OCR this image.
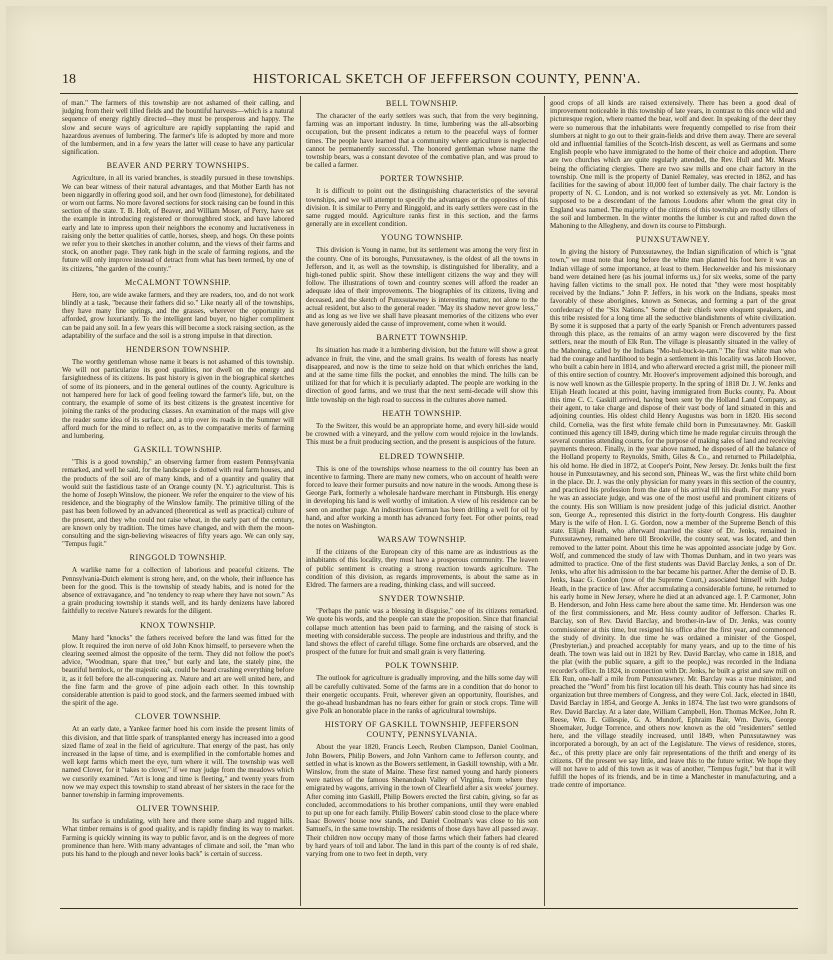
18	HISTORICAL SKETCH OF JEFFERSON COUNTY, PENN'A.

of man." The farmers of this township are not ashamed of their calling, and judging from their well tilled fields and the bountiful harvests—which is a natural sequence of energy rightly directed—they must be prosperous and happy. The slow and secure ways of agriculture are rapidly supplanting the rapid and hazardous avenues of lumbering. The farmer's life is adopted by more and more of the lumbermen, and in a few years the latter will cease to have any particular signification.

BEAVER AND PERRY TOWNSHIPS.

Agriculture, in all its varied branches, is steadily pursued in these townships. We can bear witness of their natural advantages, and that Mother Earth has not been niggardly in offering good soil, and her own food (limestone), for debilitated or worn out farms. No more favored sections for stock raising can be found in this section of the state. T. B. Holt, of Beaver, and William Moser, of Perry, have set the example in introducing registered or thoroughbred stock, and have labored early and late to impress upon their neighbors the economy and lucrativeness in raising only the better qualities of cattle, horses, sheep, and hogs. On these points we refer you to their sketches in another column, and the views of their farms and stock, on another page. They rank high in the scale of farming regions, and the future will only improve instead of detract from what has been termed, by one of its citizens, "the garden of the county."

McCALMONT TOWNSHIP.

Here, too, are wide awake farmers, and they are readers, too, and do not work blindly at a task, "because their fathers did so." Like nearly all of the townships, they have many fine springs, and the grasses, wherever the opportunity is afforded, grow luxuriantly. To the intelligent land buyer, no higher compliment can be paid any soil. In a few years this will become a stock raising section, as the adaptability of the surface and the soil is a strong impulse in that direction.

HENDERSON TOWNSHIP.

The worthy gentleman whose name it bears is not ashamed of this township. We will not particularize its good qualities, nor dwell on the energy and farsightedness of its citizens. Its past history is given in the biographical sketches of some of its pioneers, and in the general outlines of the county. Agriculture is not hampered here for lack of good feeling toward the farmer's life, but, on the contrary, the example of some of its best citizens is the greatest incentive for joining the ranks of the producing classes. An examination of the maps will give the reader some idea of its surface, and a trip over its roads in the Summer will afford much for the mind to reflect on, as to the comparative merits of farming and lumbering.

GASKILL TOWNSHIP.

"This is a good township," an observing farmer from eastern Pennsylvania remarked, and well he said, for the landscape is dotted with real farm houses, and the products of the soil are of many kinds, and of a quantity and quality that would suit the fastidious taste of an Orange county (N. Y.) agriculturist. This is the home of Joseph Winslow, the pioneer. We refer the enquirer to the view of his residence, and the biography of the Winslow family. The primitive tilling of the past has been followed by an advanced (theoretical as well as practical) culture of the present, and they who could not raise wheat, in the early part of the century, are known only by tradition. The times have changed, and with them the moon-consulting and the sign-believing wiseacres of fifty years ago. We can only say, "Tempus fugit."

RINGGOLD TOWNSHIP.

A warlike name for a collection of laborious and peaceful citizens. The Pennsylvania-Dutch element is strong here, and, on the whole, their influence has been for the good. This is the township of steady habits, and is noted for the absence of extravagance, and "no tendency to reap where they have not sown." As a grain producing township it stands well, and its hardy denizens have labored faithfully to receive Nature's rewards for the diligent.

KNOX TOWNSHIP.

Many hard "knocks" the fathers received before the land was fitted for the plow. It required the iron nerve of old John Knox himself, to persevere when the clearing seemed almost the opposite of the term. They did not follow the poet's advice, "Woodman, spare that tree," but early and late, the stately pine, the beautiful hemlock, or the majestic oak, could be heard crashing everything before it, as it fell before the all-conquering ax. Nature and art are well united here, and the fine farm and the grove of pine adjoin each other. In this township considerable attention is paid to good stock, and the farmers seemed imbued with the spirit of the age.

CLOVER TOWNSHIP.

At an early date, a Yankee farmer hoed his corn inside the present limits of this division, and that little spark of transplanted energy has increased into a good sized flame of zeal in the field of agriculture. That energy of the past, has only increased in the lapse of time, and is exemplified in the comfortable homes and well kept farms which meet the eye, turn where it will. The township was well named Clover, for it "takes to clover," if we may judge from the meadows which we cursorily examined. "Art is long and time is fleeting," and twenty years from now we may expect this township to stand abreast of her sisters in the race for the banner township in farming improvements.

OLIVER TOWNSHIP.

Its surface is undulating, with here and there some sharp and rugged hills. What timber remains is of good quality, and is rapidly finding its way to market. Farming is quickly winning its way to public favor, and is on the degrees of more prominence than here. With many advantages of climate and soil, the "man who puts his hand to the plough and never looks back" is certain of success.

BELL TOWNSHIP.

The character of the early settlers was such, that from the very beginning, farming was an important industry. In time, lumbering was the all-absorbing occupation, but the present indicates a return to the peaceful ways of former times. The people have learned that a community where agriculture is neglected cannot be permanently successful. The honored gentleman whose name the township bears, was a constant devotee of the combative plan, and was proud to be called a farmer.

PORTER TOWNSHIP.

It is difficult to point out the distinguishing characteristics of the several townships, and we will attempt to specify the advantages or the opposites of this division. It is similar to Perry and Ringgold, and its early settlers were cast in the same rugged mould. Agriculture ranks first in this section, and the farms generally are in excellent condition.

YOUNG TOWNSHIP.

This division is Young in name, but its settlement was among the very first in the county. One of its boroughs, Punxsutawney, is the oldest of all the towns in Jefferson, and it, as well as the township, is distinguished for liberality, and a high-toned public spirit. Show these intelligent citizens the way and they will follow. The illustrations of town and country scenes will afford the reader an adequate idea of their improvements. The biographies of its citizens, living and deceased, and the sketch of Punxsutawney is interesting matter, not alone to the actual resident, but also to the general reader. "May its shadow never grow less," and as long as we live we shall have pleasant memories of the citizens who ever have generously aided the cause of improvement, come when it would.

BARNETT TOWNSHIP.

Its situation has made it a lumbering division, but the future will show a great advance in fruit, the vine, and the small grains. Its wealth of forests has nearly disappeared, and now is the time to seize hold on that which enriches the land, and at the same time fills the pocket, and ennobles the mind. The hills can be utilized for that for which it is peculiarly adapted. The people are working in the direction of good farms, and we trust that the next semi-decade will show this little township on the high road to success in the cultures above named.

HEATH TOWNSHIP.

To the Switzer, this would be an appropriate home, and every hill-side would be crowned with a vineyard, and the yellow corn would rejoice in the lowlands. This must be a fruit producing section, and the present is auspicious of the future.

ELDRED TOWNSHIP.

This is one of the townships whose nearness to the oil country has been an incentive to farming. There are many new comers, who on account of health were forced to leave their former pursuits and now nature in the woods. Among these is George Park, formerly a wholesale hardware merchant in Pittsburgh. His energy in developing his land is well worthy of imitation. A view of his residence can be seen on another page. An industrious German has been drilling a well for oil by hand, and after working a month has advanced forty feet. For other points, read the notes on Washington.

WARSAW TOWNSHIP.

If the citizens of the European city of this name are as industrious as the inhabitants of this locality, they must have a prosperous community. The leaven of public sentiment is creating a strong reaction towards agriculture. The condition of this division, as regards improvements, is about the same as in Eldred. The farmers are a reading, thinking class, and will succeed.

SNYDER TOWNSHIP.

"Perhaps the panic was a blessing in disguise," one of its citizens remarked. We quote his words, and the people can state the proposition. Since that financial collapse much attention has been paid to farming, and the raising of stock is meeting with considerable success. The people are industrious and thrifty, and the land shows the effect of careful tillage. Some fine orchards are observed, and the prospect of the future for fruit and small grain is very flattering.

POLK TOWNSHIP.

The outlook for agriculture is gradually improving, and the hills some day will all be carefully cultivated. Some of the farms are in a condition that do honor to their energetic occupants. Fruit, wherever given an opportunity, flourishes, and the go-ahead husbandman has no fears either for grain or stock crops. Time will give Polk an honorable place in the ranks of agricultural townships.

HISTORY OF GASKILL TOWNSHIP, JEFFERSON COUNTY, PENNSYLVANIA.

About the year 1820, Francis Leech, Reuben Clampson, Daniel Coolman, John Bowers, Philip Bowers, and John Vanhorn came to Jefferson county, and settled in what is known as the Bowers settlement, in Gaskill township, with a Mr. Winslow, from the state of Maine. These first named young and hardy pioneers were natives of the famous Shenandoah Valley of Virginia, from where they emigrated by wagons, arriving in the town of Clearfield after a six weeks' journey. After coming into Gaskill, Philip Bowers erected the first cabin, giving, so far as concluded, accommodations to his brother companions, until they were enabled to put up one for each family. Philip Bowers' cabin stood close to the place where Isaac Bowers' house now stands, and Daniel Coolman's was close to his son Samuel's, in the same township. The residents of those days have all passed away. Their children now occupy many of those farms which their fathers had cleared by hard years of toil and labor. The land in this part of the county is of red shale, varying from one to two feet in depth, very

good crops of all kinds are raised extensively. There has been a good deal of improvement noticeable in this township of late years, in contrast to this once wild and picturesque region, where roamed the bear, wolf and deer. In speaking of the deer they were so numerous that the inhabitants were frequently compelled to rise from their slumbers at night to go out to their grain-fields and drive them away. There are several old and influential families of the Scotch-Irish descent, as well as Germans and some English people who have immigrated to the home of their choice and adoption. There are two churches which are quite regularly attended, the Rev. Hull and Mr. Mears being the officiating clergies. There are two saw mills and one chair factory in the township. One mill is the property of Daniel Remaley, was erected in 1862, and has facilities for the sawing of about 10,000 feet of lumber daily. The chair factory is the property of N. C. London, and is not worked so extensively as yet. Mr. London is supposed to be a descendant of the famous Loudons after whom the great city in England was named. The majority of the citizens of this township are mostly tillers of the soil and lumbermen. In the winter months the lumber is cut and rafted down the Mahoning to the Allegheny, and down its course to Pittsburgh.

PUNXSUTAWNEY.

In giving the history of Punxsutawney, the Indian signification of which is "gnat town," we must note that long before the white man planted his foot here it was an Indian village of some importance, at least to them. Heckewelder and his missionary band were detained here (as his journal informs us,) for six weeks, some of the party having fallen victims to the small pox. He noted that "they were most hospitably received by the Indians." John P. Jeffers, in his work on the Indians, speaks most favorably of these aborigines, known as Senecas, and forming a part of the great confederacy of the "Six Nations." Some of their chiefs were eloquent speakers, and this tribe resisted for a long time all the seductive blandishments of white civilization. By some it is supposed that a party of the early Spanish or French adventurers passed through this place, as the remains of an army wagon were discovered by the first settlers, near the mouth of Elk Run. The village is pleasantly situated in the valley of the Mahoning, called by the Indians "Mo-hul-buck-te-tam." The first white man who had the courage and hardihood to begin a settlement in this locality was Jacob Hoover, who built a cabin here in 1814, and who afterward erected a grist mill, the pioneer mill of this entire section of country. Mr. Hoover's improvement adjoined this borough, and is now well known as the Gillespie property. In the spring of 1818 Dr. J. W. Jenks and Elijah Heath located at this point, having immigrated from Bucks county, Pa. About this time C. C. Gaskill arrived, having been sent by the Holland Land Company, as their agent, to take charge and dispose of their vast body of land situated in this and adjoining counties. His oldest child Henry Augustus was born in 1820. His second child, Cornelia, was the first white female child born in Punxsutawney. Mr. Gaskill continued this agency till 1849, during which time he made regular circuits through the several counties attending courts, for the purpose of making sales of land and receiving payments thereon. Finally, in the year above named, he disposed of all the balance of the Holland property to Reynolds, Smith, Giles & Co., and returned to Philadelphia, his old home. He died in 1872, at Cooper's Point, New Jersey. Dr. Jenks built the first house in Punxsutawney, and his second son, Phineas W., was the first white child born in the place. Dr. J. was the only physician for many years in this section of the country, and practiced his profession from the date of his arrival till his death. For many years he was an associate judge, and was one of the most useful and prominent citizens of the county. His son William is now president judge of this judicial district. Another son, George A., represented this district in the forty-fourth Congress. His daughter Mary is the wife of Hon. I. G. Gordon, now a member of the Supreme Bench of this state. Elijah Heath, who afterward married the sister of Dr. Jenks, remained in Punxsutawney, remained here till Brookville, the county seat, was located, and then removed to the latter point. About this time he was appointed associate judge by Gov. Wolf, and commenced the study of law with Thomas Dunham, and in two years was admitted to practice. One of the first students was David Barclay Jenks, a son of Dr. Jenks, who after his admission to the bar became his partner. After the demise of D. B. Jenks, Isaac G. Gordon (now of the Supreme Court,) associated himself with Judge Heath, in the practice of law. After accumulating a considerable fortune, he returned to his early home in New Jersey, where he died at an advanced age. I. P. Carmoner, John B. Henderson, and John Hess came here about the same time. Mr. Henderson was one of the first commissioners, and Mr. Hess county auditor of Jefferson. Charles R. Barclay, son of Rev. David Barclay, and brother-in-law of Dr. Jenks, was county commissioner at this time, but resigned his office after the first year, and commenced the study of divinity. In due time he was ordained a minister of the Gospel, (Presbyterian,) and preached acceptably for many years, and up to the time of his death. The town was laid out in 1821 by Rev. David Barclay, who came in 1818, and the plat (with the public square, a gift to the people,) was recorded in the Indiana recorder's office. In 1824, in connection with Dr. Jenks, he built a grist and saw mill on Elk Run, one-half a mile from Punxsutawney. Mr. Barclay was a true minister, and preached the "Word" from his first location till his death. This county has had since its organization but three members of Congress, and they were Col. Jack, elected in 1840, David Barclay in 1854, and George A. Jenks in 1874. The last two were grandsons of Rev. David Barclay. At a later date, William Campbell, Hon. Thomas McKee, John R. Reese, Wm. E. Gillespie, G. A. Mundorf, Ephraim Bair, Wm. Davis, George Shoemaker, Judge Torrence, and others now known as the old "residenters" settled here, and the village steadily increased, until 1849, when Punxsutawney was incorporated a borough, by an act of the Legislature. The views of residence, stores, &c., of this pretty place are only fair representations of the thrift and energy of its citizens. Of the present we say little, and leave this to the future writer. We hope they will not have to add of this town as it was of another, "Tempus fugit," but that it will fulfill the hopes of its friends, and be in time a Manchester in manufacturing, and a trade centre of importance.
